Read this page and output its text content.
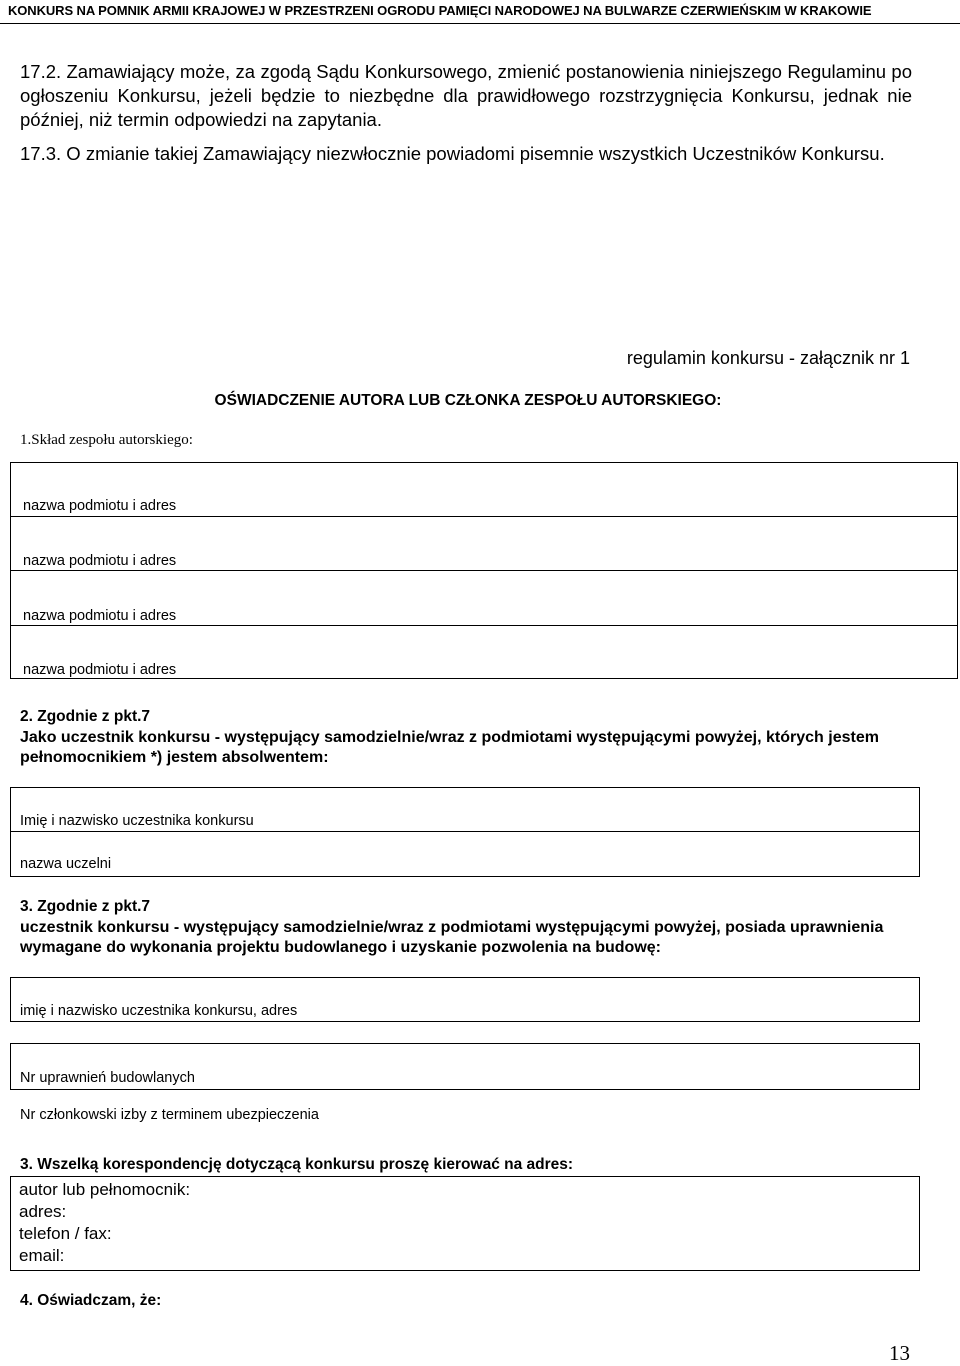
KONKURS NA POMNIK ARMII KRAJOWEJ W PRZESTRZENI OGRODU PAMIĘCI NARODOWEJ NA BULWARZE CZERWIEŃSKIM W KRAKOWIE
17.2. Zamawiający może, za zgodą Sądu Konkursowego, zmienić postanowienia niniejszego Regulaminu po ogłoszeniu Konkursu, jeżeli będzie to niezbędne dla prawidłowego rozstrzygnięcia Konkursu, jednak nie później, niż termin odpowiedzi na zapytania.
17.3. O zmianie takiej Zamawiający niezwłocznie powiadomi pisemnie wszystkich Uczestników Konkursu.
regulamin konkursu - załącznik nr 1
OŚWIADCZENIE AUTORA LUB CZŁONKA ZESPOŁU AUTORSKIEGO:
1.Skład zespołu autorskiego:
nazwa podmiotu i adres
nazwa podmiotu i adres
nazwa podmiotu i adres
nazwa podmiotu i adres
2. Zgodnie z pkt.7
Jako uczestnik konkursu - występujący samodzielnie/wraz z podmiotami występującymi powyżej, których jestem pełnomocnikiem *) jestem absolwentem:
Imię i nazwisko uczestnika konkursu
nazwa uczelni
3. Zgodnie z pkt.7
uczestnik konkursu - występujący samodzielnie/wraz z podmiotami występującymi powyżej, posiada uprawnienia wymagane do wykonania projektu budowlanego i uzyskanie pozwolenia na budowę:
imię i nazwisko uczestnika konkursu, adres
Nr uprawnień budowlanych
Nr członkowski izby z terminem ubezpieczenia
3. Wszelką korespondencję dotyczącą konkursu proszę kierować na adres:
autor lub pełnomocnik:
adres:
telefon / fax:
email:
4. Oświadczam, że:
13
